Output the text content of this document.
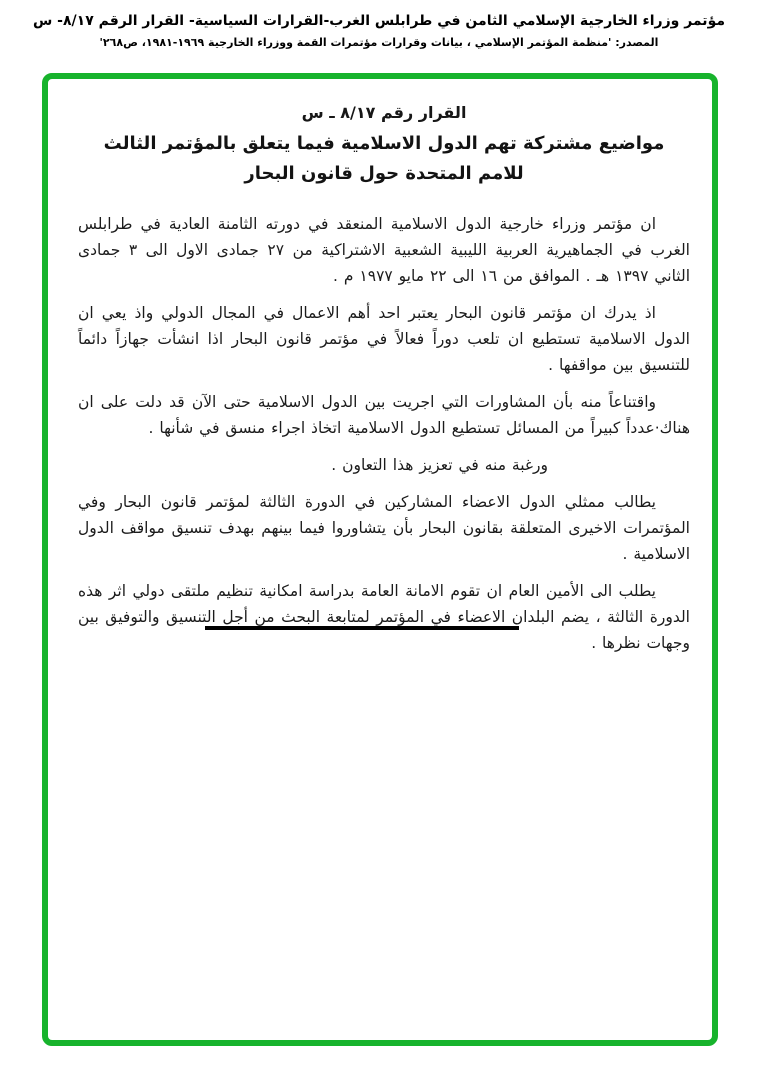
مؤتمر وزراء الخارجية الإسلامي الثامن في طرابلس الغرب-القرارات السياسية- القرار الرقم ٨/١٧- س
المصدر: 'منظمة المؤتمر الإسلامي ، بيانات وقرارات مؤتمرات القمة ووزراء الخارجية ١٩٦٩-١٩٨١، ص٢٦٨'
القرار رقم ٨/١٧ ـ س
مواضيع مشتركة تهم الدول الاسلامية فيما يتعلق بالمؤتمر الثالث
للامم المتحدة حول قانون البحار

ان مؤتمر وزراء خارجية الدول الاسلامية المنعقد في دورته الثامنة العادية في طرابلس الغرب في الجماهيرية العربية الليبية الشعبية الاشتراكية من ٢٧ جمادى الاول الى ٣ جمادى الثاني ١٣٩٧ هـ . الموافق من ١٦ الى ٢٢ مايو ١٩٧٧ م .

اذ يدرك ان مؤتمر قانون البحار يعتبر احد أهم الاعمال في المجال الدولي واذ يعي ان الدول الاسلامية تستطيع ان تلعب دوراً فعالاً في مؤتمر قانون البحار اذا انشأت جهازاً دائماً للتنسيق بين مواقفها .

واقتناعاً منه بأن المشاورات التي اجريت بين الدول الاسلامية حتى الآن قد دلت على ان هناك·عدداً كبيراً من المسائل تستطيع الدول الاسلامية اتخاذ اجراء منسق في شأنها .

ورغبة منه في تعزيز هذا التعاون .

يطالب ممثلي الدول الاعضاء المشاركين في الدورة الثالثة لمؤتمر قانون البحار وفي المؤتمرات الاخيرى المتعلقة بقانون البحار بأن يتشاوروا فيما بينهم بهدف تنسيق مواقف الدول الاسلامية .

يطلب الى الأمين العام ان تقوم الامانة العامة بدراسة امكانية تنظيم ملتقى دولي اثر هذه الدورة الثالثة ، يضم البلدان الاعضاء في المؤتمر لمتابعة البحث من أجل التنسيق والتوفيق بين وجهات نظرها .
